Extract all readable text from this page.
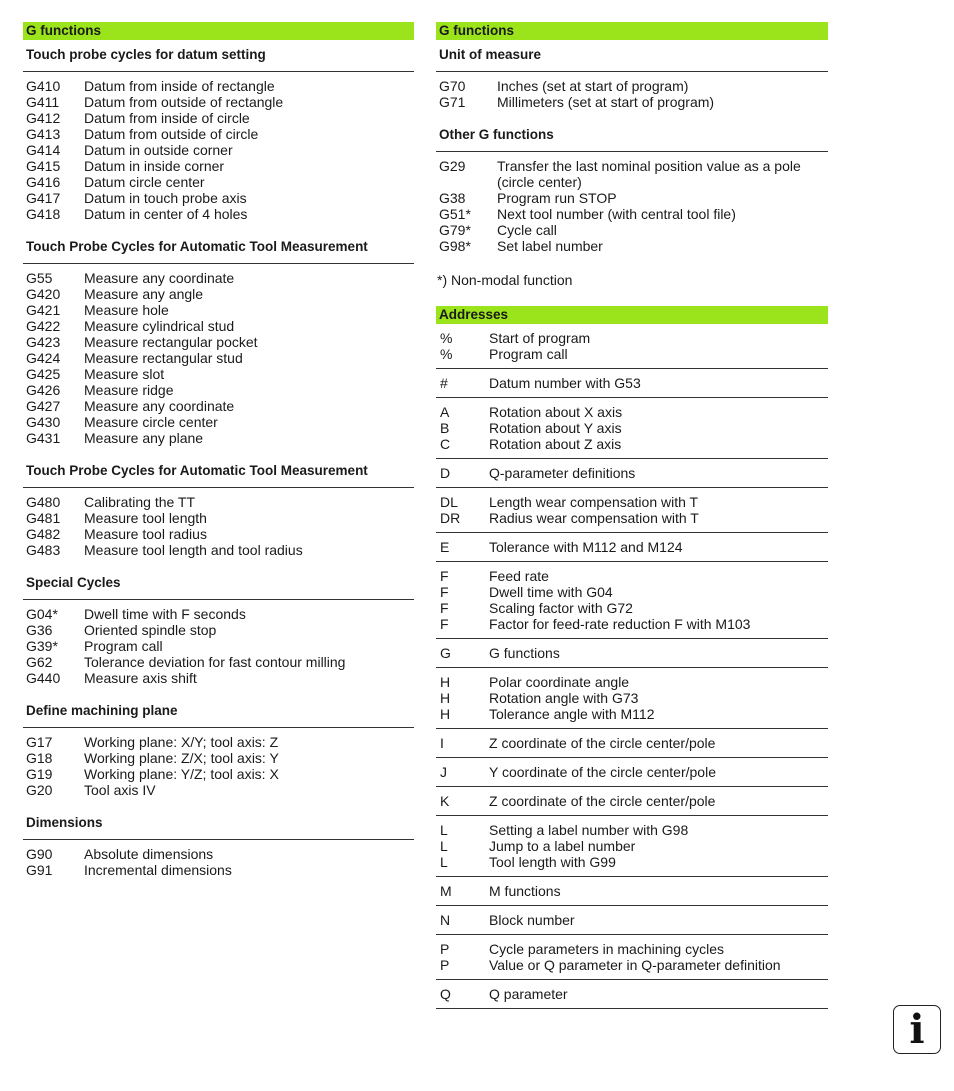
G functions
Touch probe cycles for datum setting
G410	Datum from inside of rectangle
G411	Datum from outside of rectangle
G412	Datum from inside of circle
G413	Datum from outside of circle
G414	Datum in outside corner
G415	Datum in inside corner
G416	Datum circle center
G417	Datum in touch probe axis
G418	Datum in center of 4 holes
Touch Probe Cycles for Automatic Tool Measurement
G55	Measure any coordinate
G420	Measure any angle
G421	Measure hole
G422	Measure cylindrical stud
G423	Measure rectangular pocket
G424	Measure rectangular stud
G425	Measure slot
G426	Measure ridge
G427	Measure any coordinate
G430	Measure circle center
G431	Measure any plane
Touch Probe Cycles for Automatic Tool Measurement
G480	Calibrating the TT
G481	Measure tool length
G482	Measure tool radius
G483	Measure tool length and tool radius
Special Cycles
G04*	Dwell time with F seconds
G36	Oriented spindle stop
G39*	Program call
G62	Tolerance deviation for fast contour milling
G440	Measure axis shift
Define machining plane
G17	Working plane: X/Y; tool axis: Z
G18	Working plane: Z/X; tool axis: Y
G19	Working plane: Y/Z; tool axis: X
G20	Tool axis IV
Dimensions
G90	Absolute dimensions
G91	Incremental dimensions
G functions
Unit of measure
G70	Inches (set at start of program)
G71	Millimeters (set at start of program)
Other G functions
G29	Transfer the last nominal position value as a pole (circle center)
G38	Program run STOP
G51*	Next tool number (with central tool file)
G79*	Cycle call
G98*	Set label number
*) Non-modal function
Addresses
%	Start of program
%	Program call
#	Datum number with G53
A	Rotation about X axis
B	Rotation about Y axis
C	Rotation about Z axis
D	Q-parameter definitions
DL	Length wear compensation with T
DR	Radius wear compensation with T
E	Tolerance with M112 and M124
F	Feed rate
F	Dwell time with G04
F	Scaling factor with G72
F	Factor for feed-rate reduction F with M103
G	G functions
H	Polar coordinate angle
H	Rotation angle with G73
H	Tolerance angle with M112
I	Z coordinate of the circle center/pole
J	Y coordinate of the circle center/pole
K	Z coordinate of the circle center/pole
L	Setting a label number with G98
L	Jump to a label number
L	Tool length with G99
M	M functions
N	Block number
P	Cycle parameters in machining cycles
P	Value or Q parameter in Q-parameter definition
Q	Q parameter
i
